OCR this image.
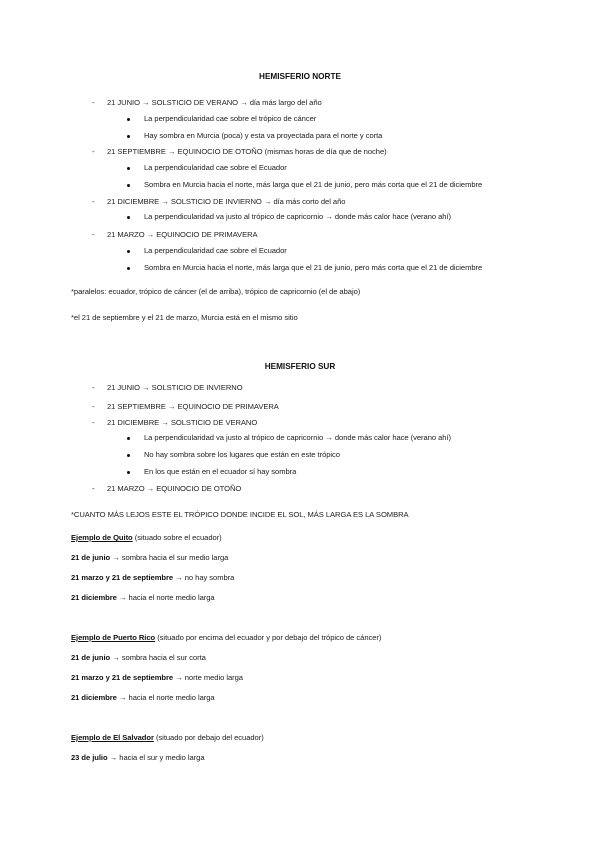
HEMISFERIO NORTE
- 21 JUNIO → SOLSTICIO DE VERANO → día más largo del año
La perpendicularidad cae sobre el trópico de cáncer
Hay sombra en Murcia (poca) y esta va proyectada para el norte y corta
- 21 SEPTIEMBRE → EQUINOCIO DE OTOÑO (mismas horas de día que de noche)
La perpendicularidad cae sobre el Ecuador
Sombra en Murcia hacia el norte, más larga que el 21 de junio, pero más corta que el 21 de diciembre
- 21 DICIEMBRE → SOLSTICIO DE INVIERNO → día más corto del año
La perpendicularidad va justo al trópico de capricornio → donde más calor hace (verano ahí)
- 21 MARZO → EQUINOCIO DE PRIMAVERA
La perpendicularidad cae sobre el Ecuador
Sombra en Murcia hacia el norte, más larga que el 21 de junio, pero más corta que el 21 de diciembre
*paralelos: ecuador, trópico de cáncer (el de arriba), trópico de capricornio (el de abajo)
*el 21 de septiembre y el 21 de marzo, Murcia está en el mismo sitio
HEMISFERIO SUR
- 21 JUNIO → SOLSTICIO DE INVIERNO
- 21 SEPTIEMBRE → EQUINOCIO DE PRIMAVERA
- 21 DICIEMBRE → SOLSTICIO DE VERANO
La perpendicularidad va justo al trópico de capricornio → donde más calor hace (verano ahí)
No hay sombra sobre los lugares que están en este trópico
En los que están en el ecuador sí hay sombra
- 21 MARZO → EQUINOCIO DE OTOÑO
*CUANTO MÁS LEJOS ESTE EL TRÓPICO DONDE INCIDE EL SOL, MÁS LARGA ES LA SOMBRA
Ejemplo de Quito (situado sobre el ecuador)
21 de junio → sombra hacia el sur medio larga
21 marzo y 21 de septiembre → no hay sombra
21 diciembre → hacia el norte medio larga
Ejemplo de Puerto Rico (situado por encima del ecuador y por debajo del trópico de cáncer)
21 de junio → sombra hacia el sur corta
21 marzo y 21 de septiembre → norte medio larga
21 diciembre → hacia el norte medio larga
Ejemplo de El Salvador (situado por debajo del ecuador)
23 de julio → hacia el sur y medio larga
